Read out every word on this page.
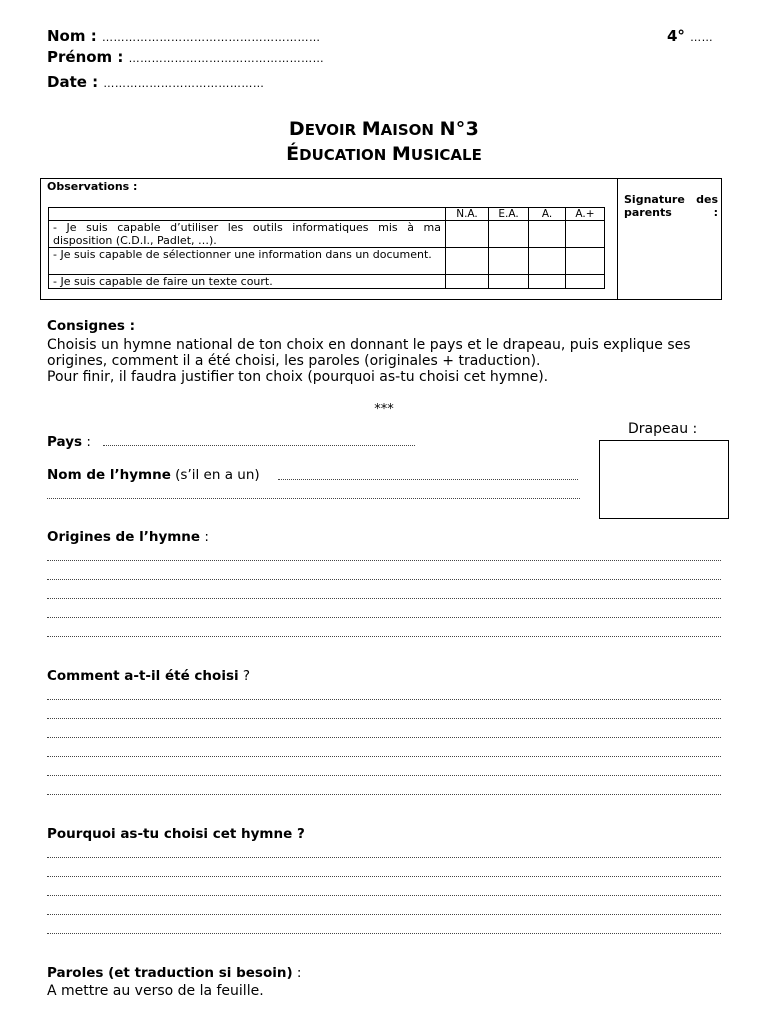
Nom : …………………………………………………
Prénom : ……………………………………………
Date : ……………………………………
4° ……
DEVOIR MAISON N°3
ÉDUCATION MUSICALE
Observations :
Signature des parents :
	N.A.	E.A.	A.	A.+
- Je suis capable d’utiliser les outils informatiques mis à ma disposition (C.D.I., Padlet, …).				
- Je suis capable de sélectionner une information dans un document.				
- Je suis capable de faire un texte court.				
Consignes :
Choisis un hymne national de ton choix en donnant le pays et le drapeau, puis explique ses
origines, comment il a été choisi, les paroles (originales + traduction).
Pour finir, il faudra justifier ton choix (pourquoi as-tu choisi cet hymne).
***
Drapeau :
Pays :
Nom de l’hymne (s’il en a un)
Origines de l’hymne :
Comment a-t-il été choisi ?
Pourquoi as-tu choisi cet hymne ?
Paroles (et traduction si besoin) :
A mettre au verso de la feuille.
